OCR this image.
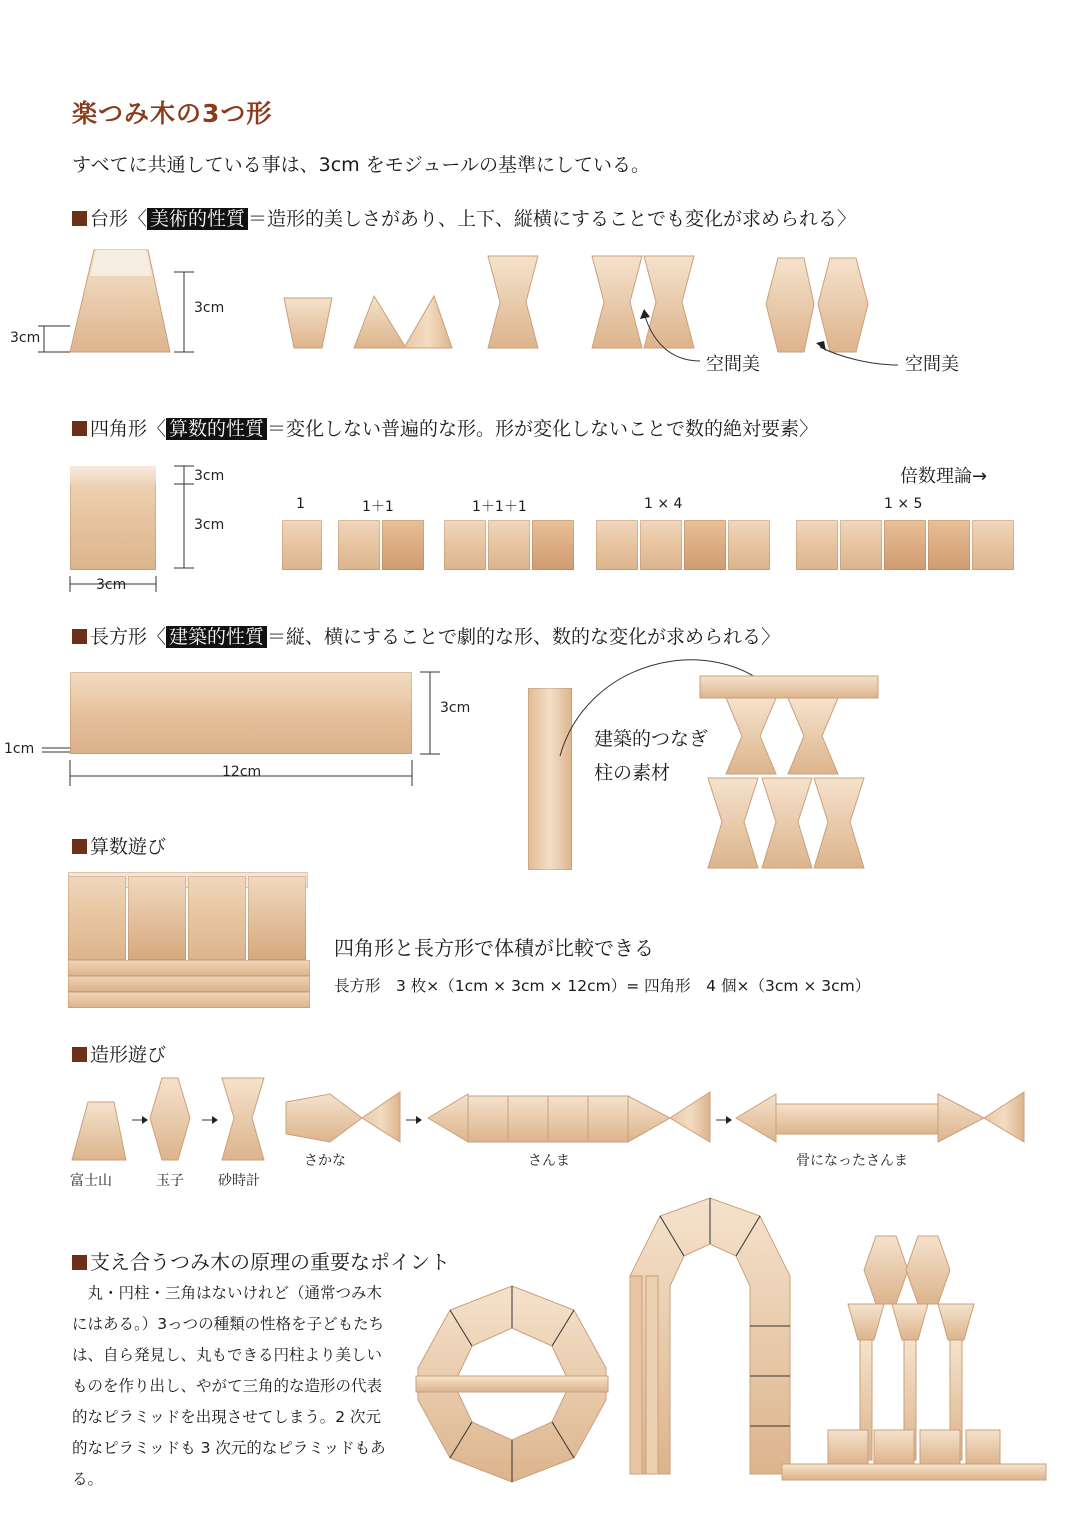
楽つみ木の3つ形
すべてに共通している事は、3cm をモジュールの基準にしている。
台形〈 美術的性質 ＝造形的美しさがあり、上下、縦横にすることでも変化が求められる〉
3cm
3cm
空間美	空間美
四角形〈 算数的性質 ＝変化しない普遍的な形。形が変化しないことで数的絶対要素〉
3cm
3cm
3cm
倍数理論→
1	1＋1	1＋1＋1	1 × 4	1 × 5
長方形〈 建築的性質 ＝縦、横にすることで劇的な形、数的な変化が求められる〉
3cm
1cm
12cm
建築的つなぎ
柱の素材
算数遊び
四角形と長方形で体積が比較できる
長方形　3 枚×（1cm × 3cm × 12cm）= 四角形　4 個×（3cm × 3cm）
造形遊び
富士山	玉子 砂時計
さかな	さんま	骨になったさんま
支え合うつみ木の原理の重要なポイント
　丸・円柱・三角はないけれど（通常つみ木にはある。）3っつの種類の性格を子どもたちは、自ら発見し、丸もできる円柱より美しいものを作り出し、やがて三角的な造形の代表的なピラミッドを出現させてしまう。2 次元的なピラミッドも 3 次元的なピラミッドもある。
